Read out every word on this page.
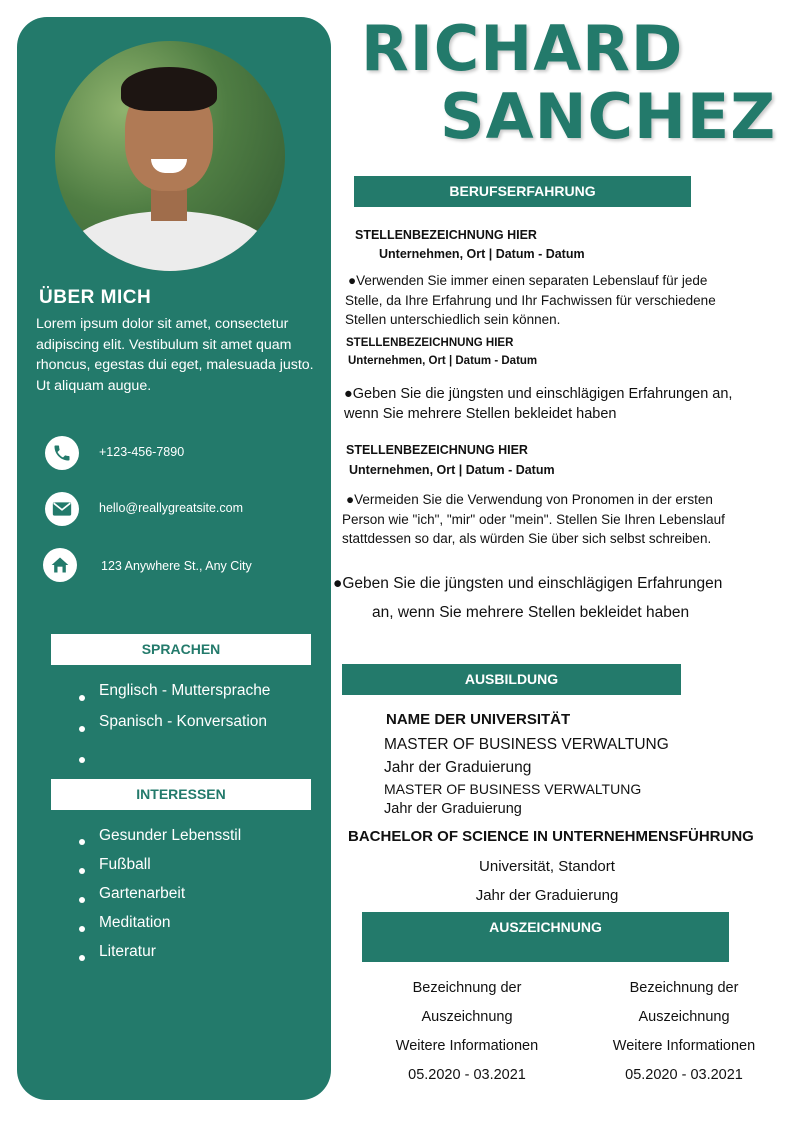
ÜBER MICH
Lorem ipsum dolor sit amet, consectetur adipiscing elit. Vestibulum sit amet quam rhoncus, egestas dui eget, malesuada justo. Ut aliquam augue.
+123-456-7890
hello@reallygreatsite.com
123 Anywhere St., Any City
SPRACHEN
Englisch - Muttersprache
Spanisch - Konversation
INTERESSEN
Gesunder Lebensstil
Fußball
Gartenarbeit
Meditation
Literatur
RICHARD
SANCHEZ
BERUFSERFAHRUNG
STELLENBEZEICHNUNG HIER
Unternehmen, Ort | Datum - Datum
● Verwenden Sie immer einen separaten Lebenslauf für jede Stelle, da Ihre Erfahrung und Ihr Fachwissen für verschiedene Stellen unterschiedlich sein können.
STELLENBEZEICHNUNG HIER
Unternehmen, Ort | Datum - Datum
● Geben Sie die jüngsten und einschlägigen Erfahrungen an, wenn Sie mehrere Stellen bekleidet haben
STELLENBEZEICHNUNG HIER
Unternehmen, Ort | Datum - Datum
● Vermeiden Sie die Verwendung von Pronomen in der ersten Person wie "ich", "mir" oder "mein". Stellen Sie Ihren Lebenslauf stattdessen so dar, als würden Sie über sich selbst schreiben.
● Geben Sie die jüngsten und einschlägigen Erfahrungen
an, wenn Sie mehrere Stellen bekleidet haben
AUSBILDUNG
NAME DER UNIVERSITÄT
MASTER OF BUSINESS VERWALTUNG
Jahr der Graduierung
MASTER OF BUSINESS VERWALTUNG
Jahr der Graduierung
BACHELOR OF SCIENCE IN UNTERNEHMENSFÜHRUNG
Universität, Standort
Jahr der Graduierung
AUSZEICHNUNG
Bezeichnung der
Auszeichnung
Weitere Informationen
05.2020 - 03.2021
Bezeichnung der
Auszeichnung
Weitere Informationen
05.2020 - 03.2021
